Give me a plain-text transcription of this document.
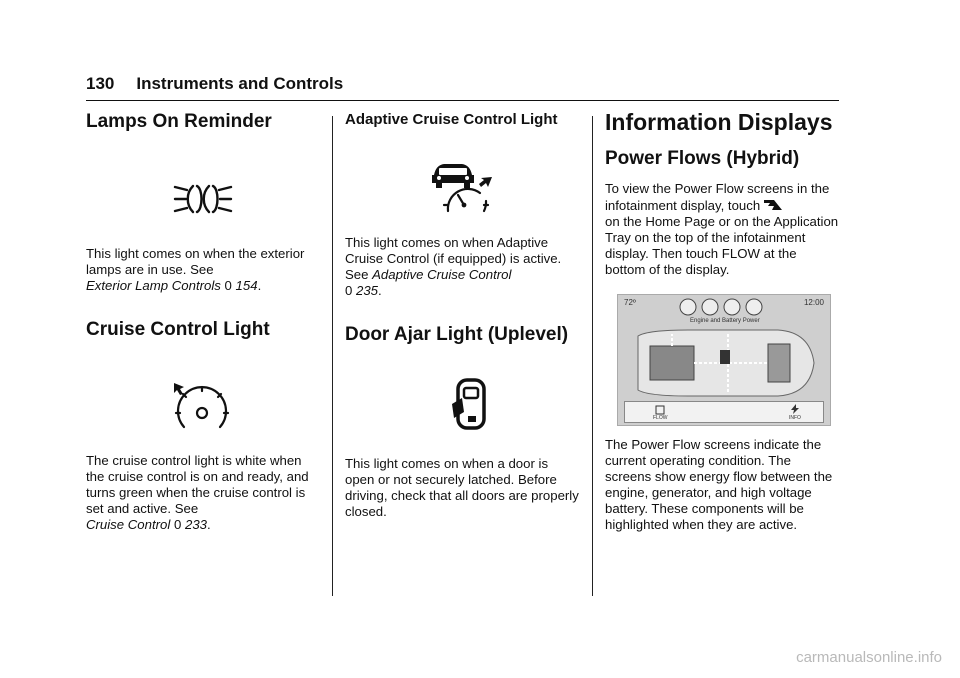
130 Instruments and Controls
Lamps On Reminder

This light comes on when the exterior lamps are in use. See
Exterior Lamp Controls 0 154.

Cruise Control Light

The cruise control light is white when the cruise control is on and ready, and turns green when the cruise control is set and active. See
Cruise Control 0 233.

Adaptive Cruise Control Light

This light comes on when Adaptive Cruise Control (if equipped) is active. See Adaptive Cruise Control
0 235.

Door Ajar Light (Uplevel)

This light comes on when a door is open or not securely latched. Before driving, check that all doors are properly closed.

Information Displays
Power Flows (Hybrid)

To view the Power Flow screens in the infotainment display, touch

on the Home Page or on the Application Tray on the top of the infotainment display. Then touch FLOW at the bottom of the display.

72º	12:00
Engine and Battery Power
FLOW	INFO

The Power Flow screens indicate the current operating condition. The screens show energy flow between the engine, generator, and high voltage battery. These components will be highlighted when they are active.

carmanualsonline.info
